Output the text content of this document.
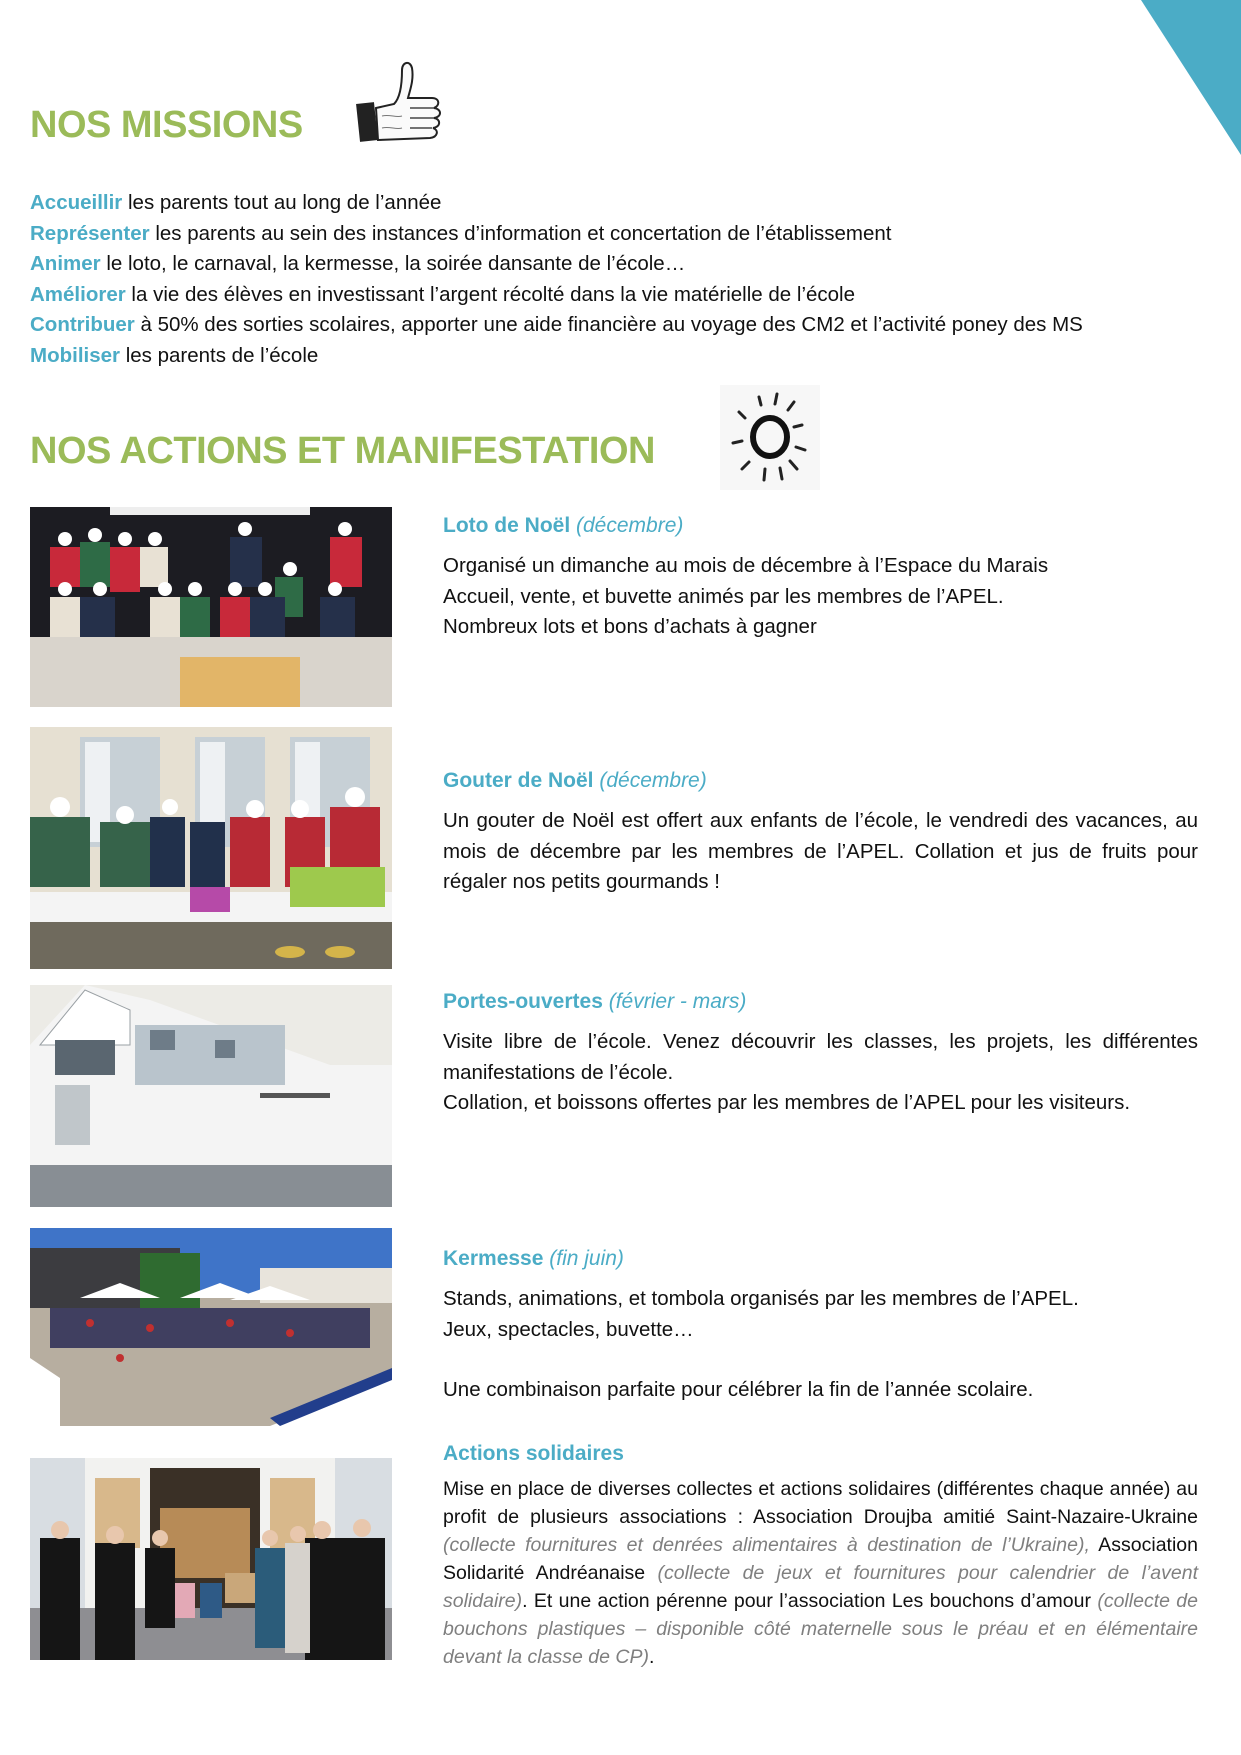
NOS MISSIONS
Accueillir les parents tout au long de l’année
Représenter les parents au sein des instances d’information et concertation de l’établissement
Animer le loto, le carnaval, la kermesse, la soirée dansante de l’école…
Améliorer la vie des élèves en investissant l’argent récolté dans la vie matérielle de l’école
Contribuer à 50% des sorties scolaires, apporter une aide financière au voyage des CM2 et l’activité poney des MS
Mobiliser les parents de l’école
NOS ACTIONS ET MANIFESTATION
Loto de Noël (décembre)

Organisé un dimanche au mois de décembre à l’Espace du Marais

Accueil, vente, et buvette animés par les membres de l’APEL.

Nombreux lots et bons d’achats à gagner

Gouter de Noël (décembre)

Un gouter de Noël est offert aux enfants de l’école, le vendredi des vacances, au mois de décembre par les membres de l’APEL. Collation et jus de fruits pour régaler nos petits gourmands !

Portes-ouvertes (février - mars)

Visite libre de l’école. Venez découvrir les classes, les projets, les différentes manifestations de l’école.

Collation, et boissons offertes par les membres de l’APEL pour les visiteurs.

Kermesse (fin juin)

Stands, animations, et tombola organisés par les membres de l’APEL.

Jeux, spectacles, buvette…

Une combinaison parfaite pour célébrer la fin de l’année scolaire.

Actions solidaires
Mise en place de diverses collectes et actions solidaires (différentes chaque année) au profit de plusieurs associations : Association Droujba amitié Saint-Nazaire-Ukraine (collecte fournitures et denrées alimentaires à destination de l’Ukraine), Association Solidarité Andréanaise (collecte de jeux et fournitures pour calendrier de l’avent solidaire). Et une action pérenne pour l’association Les bouchons d’amour (collecte de bouchons plastiques – disponible côté maternelle sous le préau et en élémentaire devant la classe de CP).
